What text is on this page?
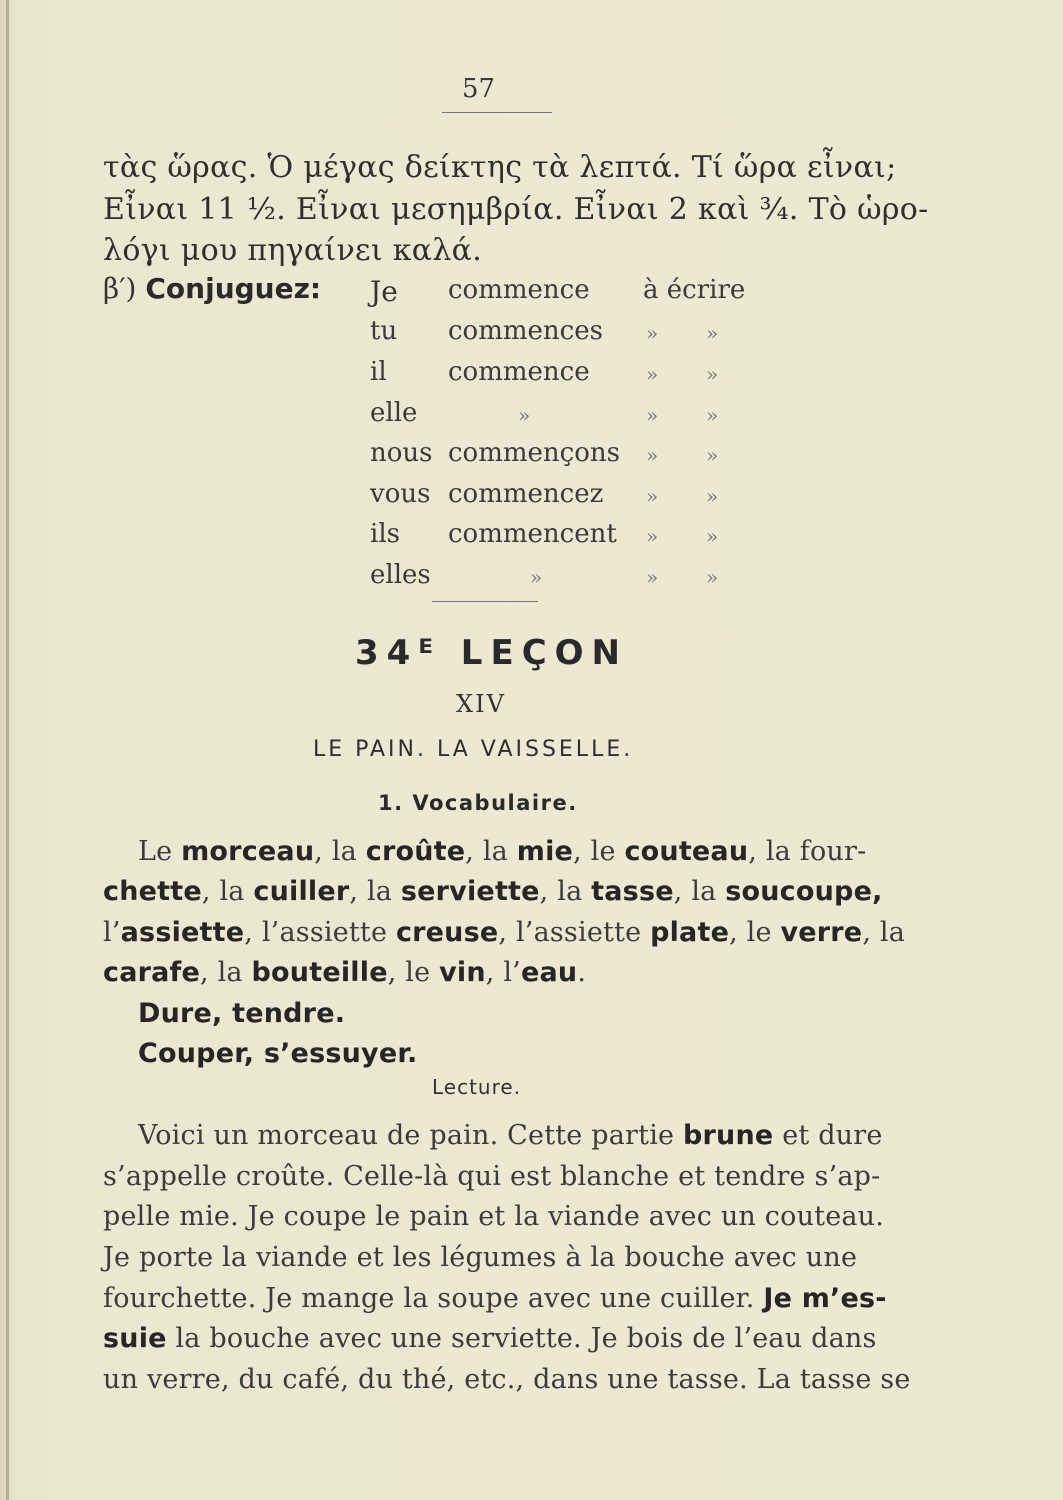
57
τὰς ὥρας. Ὁ μέγας δείκτης τὰ λεπτά. Τί ὥρα εἶναι;
Εἶναι 11 ½. Εἶναι μεσημβρία. Εἶναι 2 καὶ ¾. Τὸ ὡρο-
λόγι μου πηγαίνει καλά.
β′) Conjuguez: Je commence à écrire
tu commences » »
il commence	» »
elle	»	» »
nous commençons » »
vous commencez » »
ils commencent » »
elles	»	» »
34ᴱ LEÇON
XIV
LE PAIN. LA VAISSELLE.
1. Vocabulaire.
Le morceau, la croûte, la mie, le couteau, la four-
chette, la cuiller, la serviette, la tasse, la soucoupe,
l’assiette, l’assiette creuse, l’assiette plate, le verre, la
carafe, la bouteille, le vin, l’eau.
Dure, tendre.
Couper, s’essuyer.
Lecture.
Voici un morceau de pain. Cette partie brune et dure
s’appelle croûte. Celle-là qui est blanche et tendre s’ap-
pelle mie. Je coupe le pain et la viande avec un couteau.
Je porte la viande et les légumes à la bouche avec une
fourchette. Je mange la soupe avec une cuiller. Je m’es-
suie la bouche avec une serviette. Je bois de l’eau dans
un verre, du café, du thé, etc., dans une tasse. La tasse se
